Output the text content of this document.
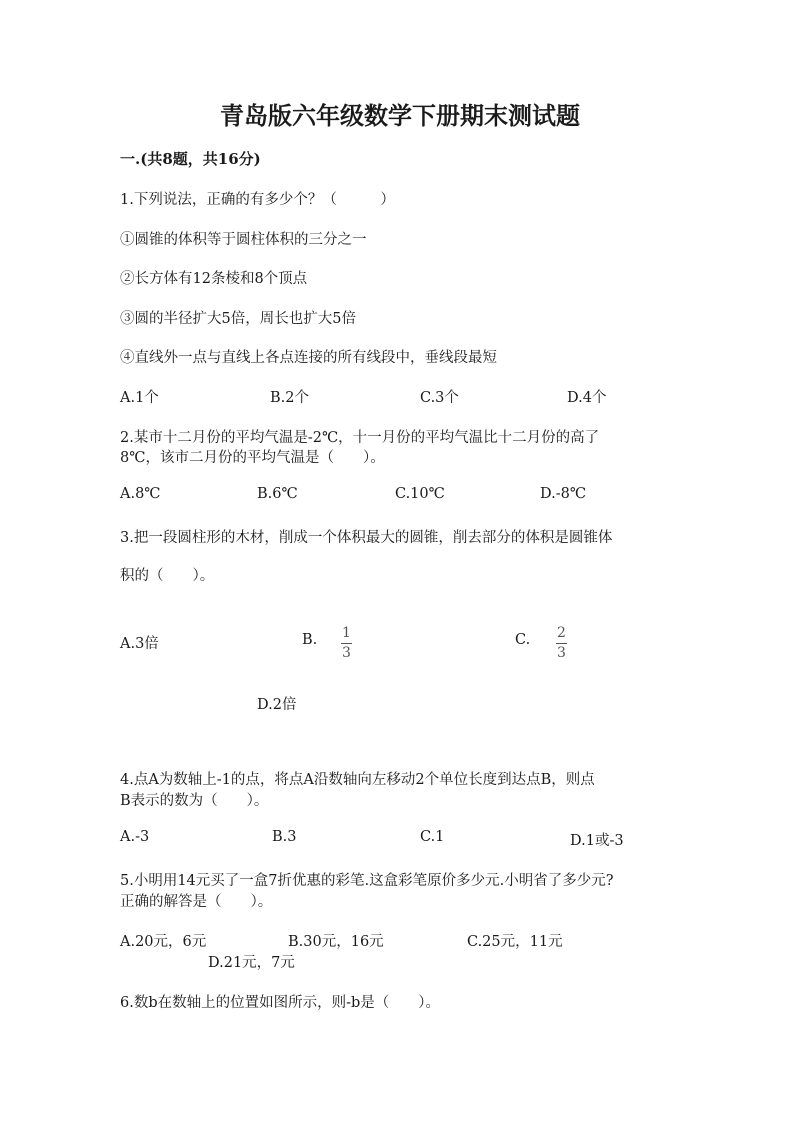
青岛版六年级数学下册期末测试题
一.(共8题，共16分)
1.下列说法，正确的有多少个？（　　　）
①圆锥的体积等于圆柱体积的三分之一
②长方体有12条棱和8个顶点
③圆的半径扩大5倍，周长也扩大5倍
④直线外一点与直线上各点连接的所有线段中，垂线段最短
A.1个	B.2个	C.3个	D.4个
2.某市十二月份的平均气温是-2℃，十一月份的平均气温比十二月份的高了
8℃，该市二月份的平均气温是（　　）。
A.8℃	B.6℃	C.10℃	D.-8℃
3.把一段圆柱形的木材，削成一个体积最大的圆锥，削去部分的体积是圆锥体
积的（　　）。
A.3倍	B. 1
3
C. 2
3
D.2倍
4.点A为数轴上-1的点，将点A沿数轴向左移动2个单位长度到达点B，则点
B表示的数为（　　）。
A.-3	B.3	C.1	D.1或-3
5.小明用14元买了一盒7折优惠的彩笔.这盒彩笔原价多少元.小明省了多少元?
正确的解答是（　　）。
A.20元，6元	B.30元，16元	C.25元，11元
D.21元，7元
6.数b在数轴上的位置如图所示，则-b是（　　）。
